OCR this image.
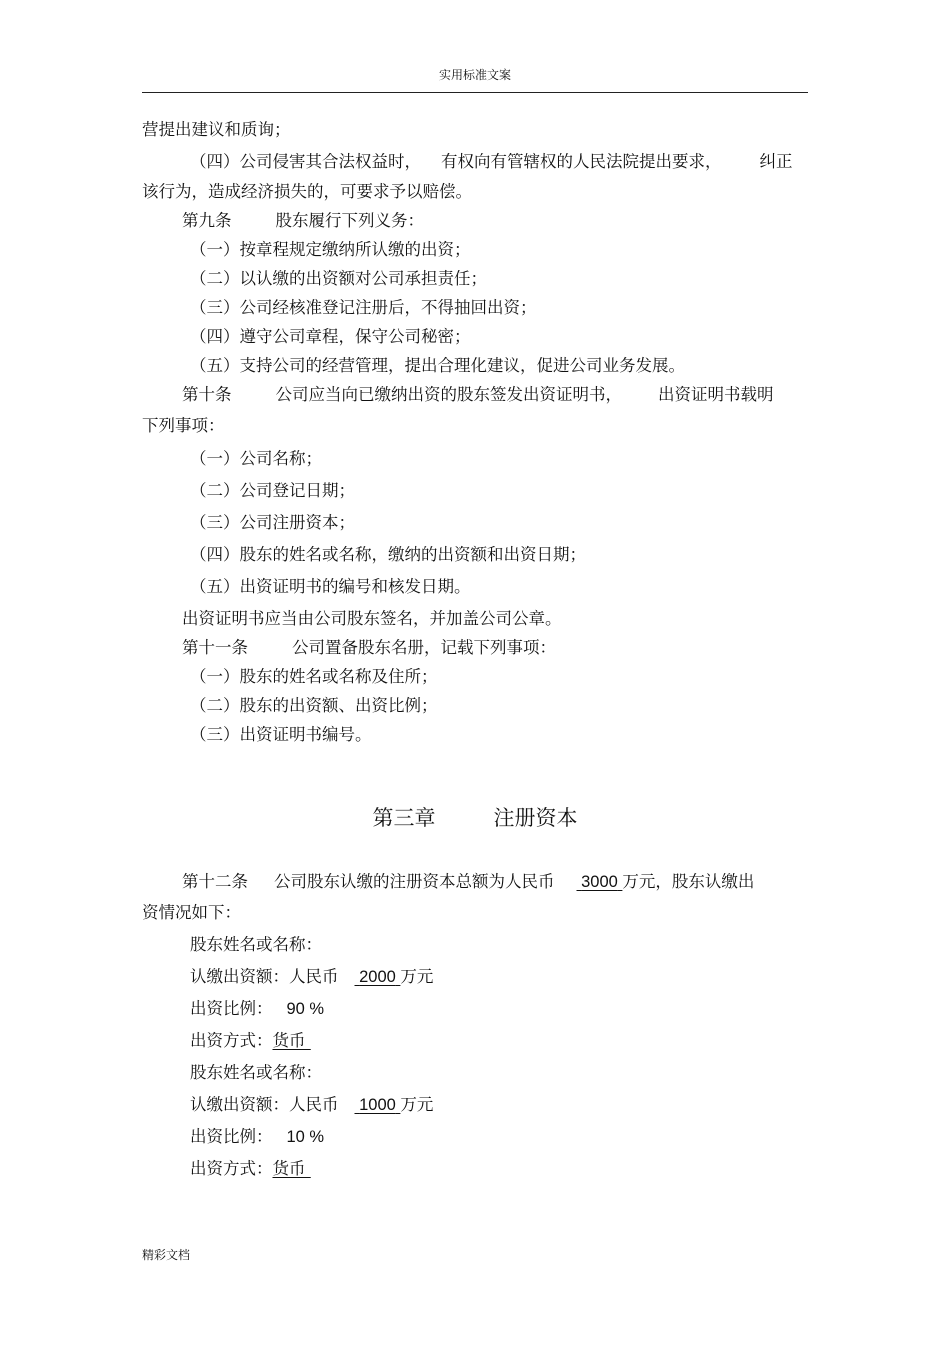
实用标准文案
营提出建议和质询；
（四）公司侵害其合法权益时， 有权向有管辖权的人民法院提出要求， 纠正
该行为，造成经济损失的，可要求予以赔偿。
第九条	股东履行下列义务：
（一）按章程规定缴纳所认缴的出资；
（二）以认缴的出资额对公司承担责任；
（三）公司经核准登记注册后，不得抽回出资；
（四）遵守公司章程，保守公司秘密；
（五）支持公司的经营管理，提出合理化建议，促进公司业务发展。
第十条	公司应当向已缴纳出资的股东签发出资证明书， 出资证明书载明
下列事项：
（一）公司名称；
（二）公司登记日期；
（三）公司注册资本；
（四）股东的姓名或名称，缴纳的出资额和出资日期；
（五）出资证明书的编号和核发日期。
出资证明书应当由公司股东签名，并加盖公司公章。
第十一条	公司置备股东名册，记载下列事项：
（一）股东的姓名或名称及住所；
（二）股东的出资额、出资比例；
（三）出资证明书编号。
第十二条 公司股东认缴的注册资本总额为人民币 3000 万元，股东认缴出
资情况如下：
股东姓名或名称：
认缴出资额：人民币 2000 万元
出资比例： 90 %
出资方式：货币
股东姓名或名称：
认缴出资额：人民币 1000 万元
出资比例： 10 %
出资方式：货币
第三章	注册资本
精彩文档
